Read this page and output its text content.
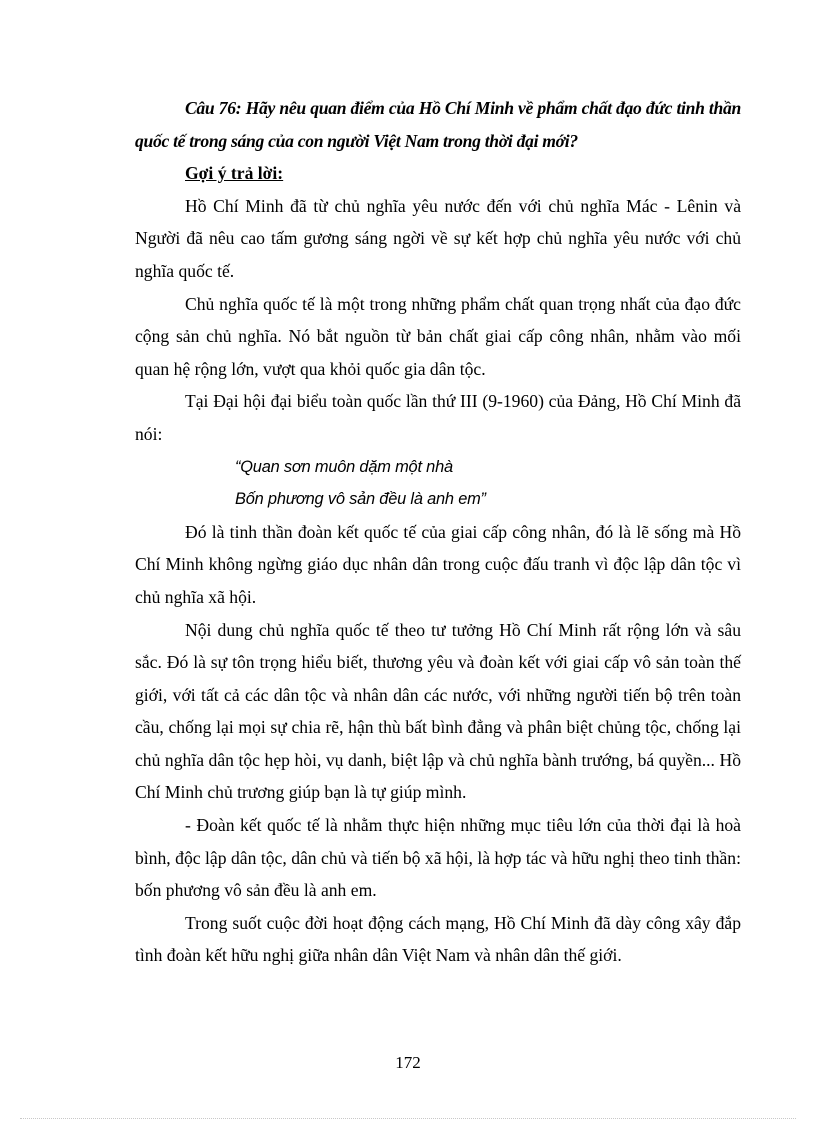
Câu 76: Hãy nêu quan điểm của Hồ Chí Minh về phẩm chất đạo đức tinh thần quốc tế trong sáng của con người Việt Nam trong thời đại mới?

Gợi ý trả lời:

Hồ Chí Minh đã từ chủ nghĩa yêu nước đến với chủ nghĩa Mác - Lênin và Người đã nêu cao tấm gương sáng ngời về sự kết hợp chủ nghĩa yêu nước với chủ nghĩa quốc tế.

Chủ nghĩa quốc tế là một trong những phẩm chất quan trọng nhất của đạo đức cộng sản chủ nghĩa. Nó bắt nguồn từ bản chất giai cấp công nhân, nhằm vào mối quan hệ rộng lớn, vượt qua khỏi quốc gia dân tộc.

Tại Đại hội đại biểu toàn quốc lần thứ III (9-1960) của Đảng, Hồ Chí Minh đã nói:

“Quan sơn muôn dặm một nhà

Bốn phương vô sản đều là anh em”

Đó là tinh thần đoàn kết quốc tế của giai cấp công nhân, đó là lẽ sống mà Hồ Chí Minh không ngừng giáo dục nhân dân trong cuộc đấu tranh vì độc lập dân tộc vì chủ nghĩa xã hội.

Nội dung chủ nghĩa quốc tế theo tư tưởng Hồ Chí Minh rất rộng lớn và sâu sắc. Đó là sự tôn trọng hiểu biết, thương yêu và đoàn kết với giai cấp vô sản toàn thế giới, với tất cả các dân tộc và nhân dân các nước, với những người tiến bộ trên toàn cầu, chống lại mọi sự chia rẽ, hận thù bất bình đẳng và phân biệt chủng tộc, chống lại chủ nghĩa dân tộc hẹp hòi, vụ danh, biệt lập và chủ nghĩa bành trướng, bá quyền... Hồ Chí Minh chủ trương giúp bạn là tự giúp mình.

- Đoàn kết quốc tế là nhằm thực hiện những mục tiêu lớn của thời đại là hoà bình, độc lập dân tộc, dân chủ và tiến bộ xã hội, là hợp tác và hữu nghị theo tinh thần: bốn phương vô sản đều là anh em.

Trong suốt cuộc đời hoạt động cách mạng, Hồ Chí Minh đã dày công xây đắp tình đoàn kết hữu nghị giữa nhân dân Việt Nam và nhân dân thế giới.

172
